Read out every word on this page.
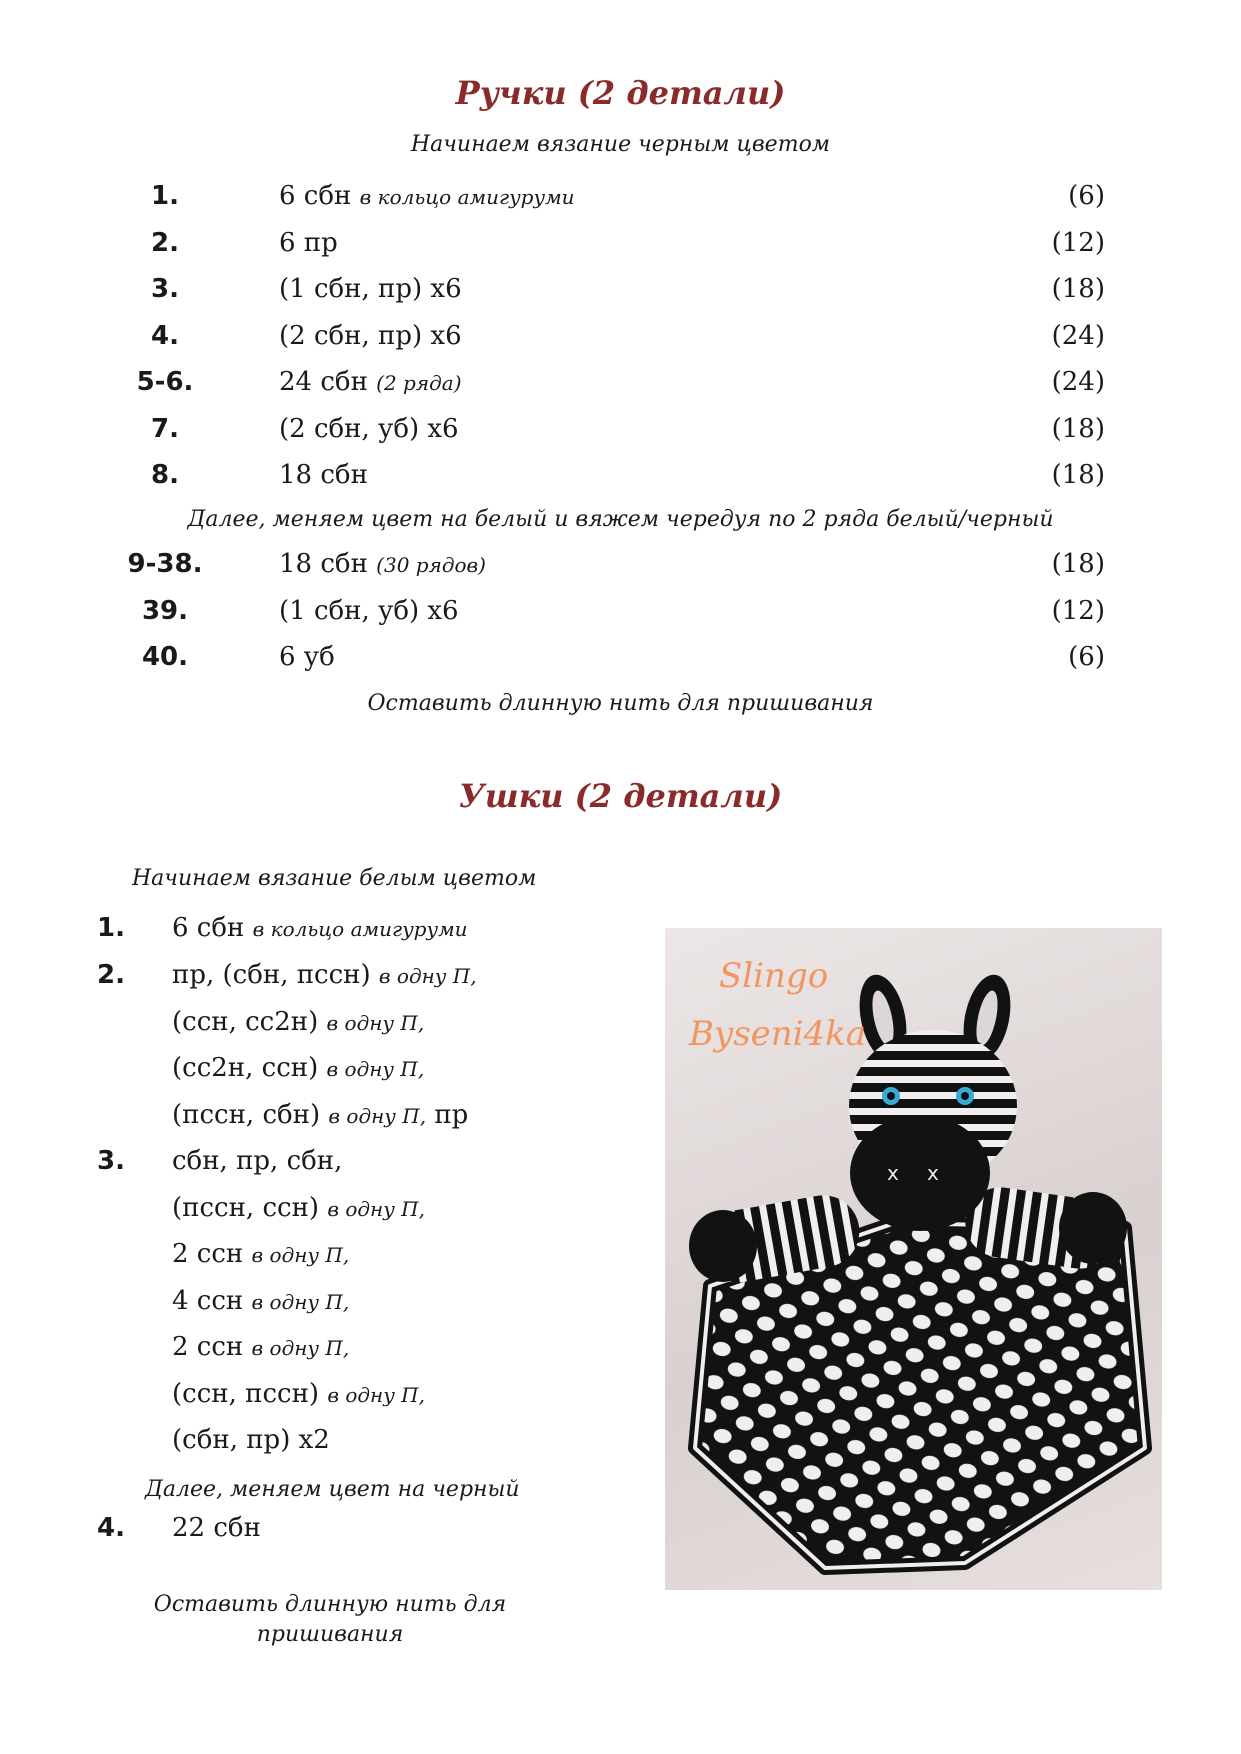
Ручки (2 детали)

Начинаем вязание черным цветом

1.	6 сбн в кольцо амигуруми	(6)
2.	6 пр	(12)
3.	(1 сбн, пр) х6	(18)
4.	(2 сбн, пр) х6	(24)
5-6.	24 сбн (2 ряда)	(24)
7.	(2 сбн, уб) х6	(18)
8.	18 сбн	(18)

Далее, меняем цвет на белый и вяжем чередуя по 2 ряда белый/черный

9-38.	18 сбн (30 рядов)	(18)
39.	(1 сбн, уб) х6	(12)
40.	6 уб	(6)

Оставить длинную нить для пришивания

Ушки (2 детали)

Начинаем вязание белым цветом

1. 6 сбн в кольцо амигуруми
2. пр, (сбн, пссн) в одну П,
(ссн, сс2н) в одну П,
(сс2н, ссн) в одну П,
(пссн, сбн) в одну П, пр
3. сбн, пр, сбн,
(пссн, ссн) в одну П,
2 ссн в одну П,
4 ссн в одну П,
2 ссн в одну П,
(ссн, пссн) в одну П,
(сбн, пр) х2
4. 22 сбн

Далее, меняем цвет на черный

Оставить длинную нить для

пришивания

x x
Slingo
Byseni4ka
